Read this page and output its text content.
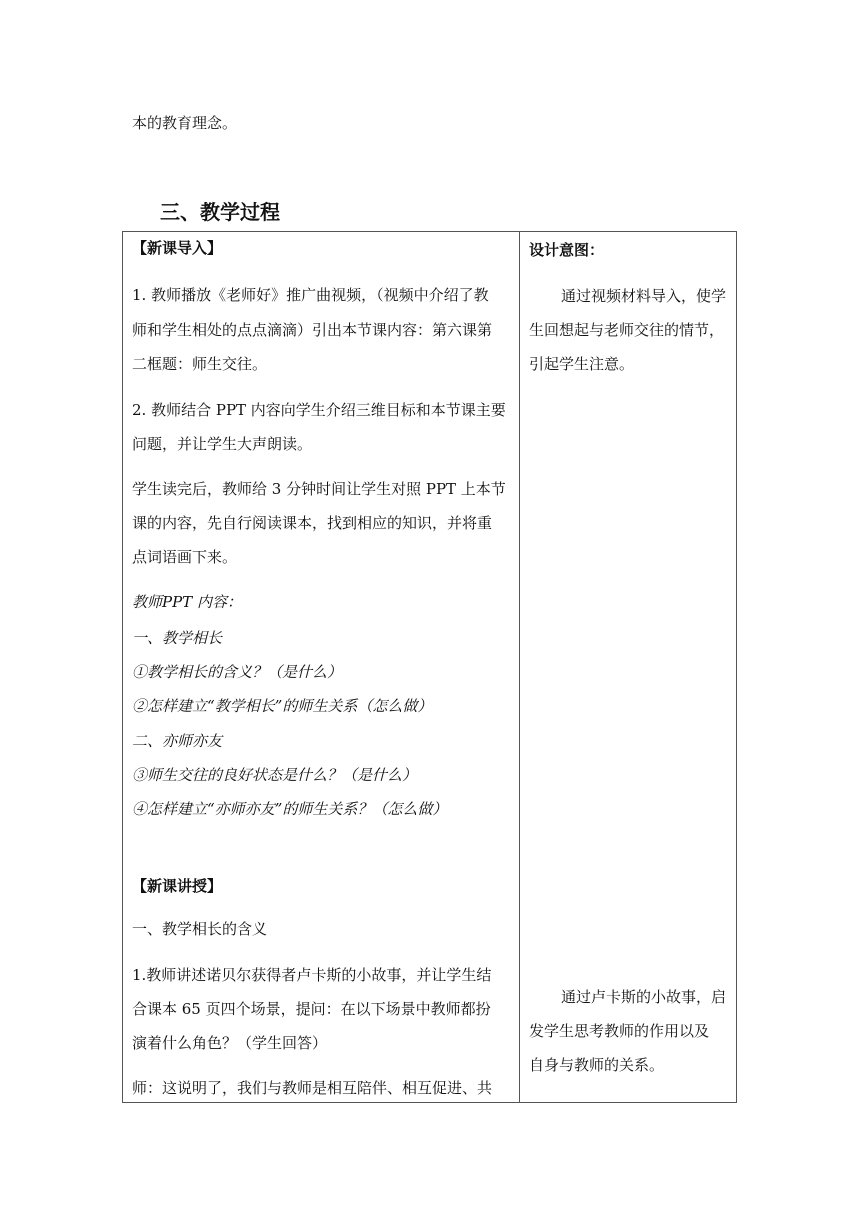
本的教育理念。
三、教学过程
【新课导入】
1. 教师播放《老师好》推广曲视频，（视频中介绍了教
师和学生相处的点点滴滴）引出本节课内容：第六课第
二框题：师生交往。
2. 教师结合 PPT 内容向学生介绍三维目标和本节课主要
问题，并让学生大声朗读。
学生读完后，教师给 3 分钟时间让学生对照 PPT 上本节
课的内容，先自行阅读课本，找到相应的知识，并将重
点词语画下来。
教师PPT 内容：
一、教学相长
①教学相长的含义？（是什么）
②怎样建立“教学相长”的师生关系（怎么做）
二、亦师亦友
③师生交往的良好状态是什么？（是什么）
④怎样建立“亦师亦友”的师生关系？（怎么做）
【新课讲授】
一、教学相长的含义
1.教师讲述诺贝尔获得者卢卡斯的小故事，并让学生结
合课本 65 页四个场景，提问：在以下场景中教师都扮
演着什么角色？（学生回答）
师：这说明了，我们与教师是相互陪伴、相互促进、共
设计意图：
通过视频材料导入，使学
生回想起与老师交往的情节，
引起学生注意。
通过卢卡斯的小故事，启
发学生思考教师的作用以及
自身与教师的关系。
